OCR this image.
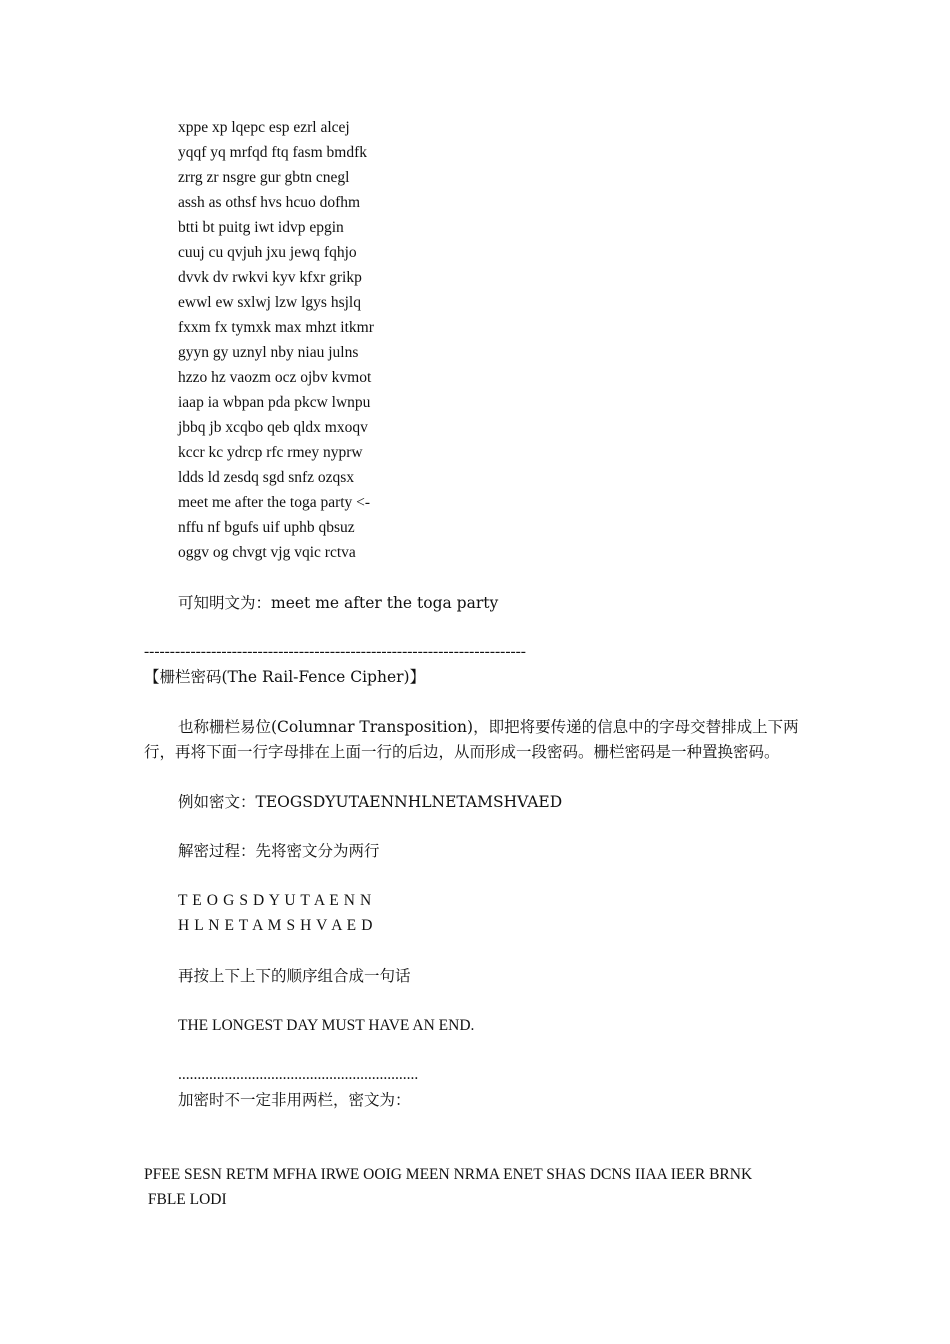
xppe xp lqepc esp ezrl alcej
yqqf yq mrfqd ftq fasm bmdfk
zrrg zr nsgre gur gbtn cnegl
assh as othsf hvs hcuo dofhm
btti bt puitg iwt idvp epgin
cuuj cu qvjuh jxu jewq fqhjo
dvvk dv rwkvi kyv kfxr grikp
ewwl ew sxlwj lzw lgys hsjlq
fxxm fx tymxk max mhzt itkmr
gyyn gy uznyl nby niau julns
hzzo hz vaozm ocz ojbv kvmot
iaap ia wbpan pda pkcw lwnpu
jbbq jb xcqbo qeb qldx mxoqv
kccr kc ydrcp rfc rmey nyprw
ldds ld zesdq sgd snfz ozqsx
meet me after the toga party <-
nffu nf bgufs uif uphb qbsuz
oggv og chvgt vjg vqic rctva
可知明文为：meet me after the toga party
--------------------------------------------------------------------------
【栅栏密码(The Rail-Fence Cipher)】
也称栅栏易位(Columnar Transposition)，即把将要传递的信息中的字母交替排成上下两
行，再将下面一行字母排在上面一行的后边，从而形成一段密码。栅栏密码是一种置换密码。
例如密文：TEOGSDYUTAENNHLNETAMSHVAED
解密过程：先将密文分为两行
T E O G S D Y U T A E N N
H L N E T A M S H V A E D
再按上下上下的顺序组合成一句话
THE LONGEST DAY MUST HAVE AN END.
..............................................................
加密时不一定非用两栏，密文为：
PFEE SESN RETM MFHA IRWE OOIG MEEN NRMA ENET SHAS DCNS IIAA IEER BRNK
FBLE LODI
